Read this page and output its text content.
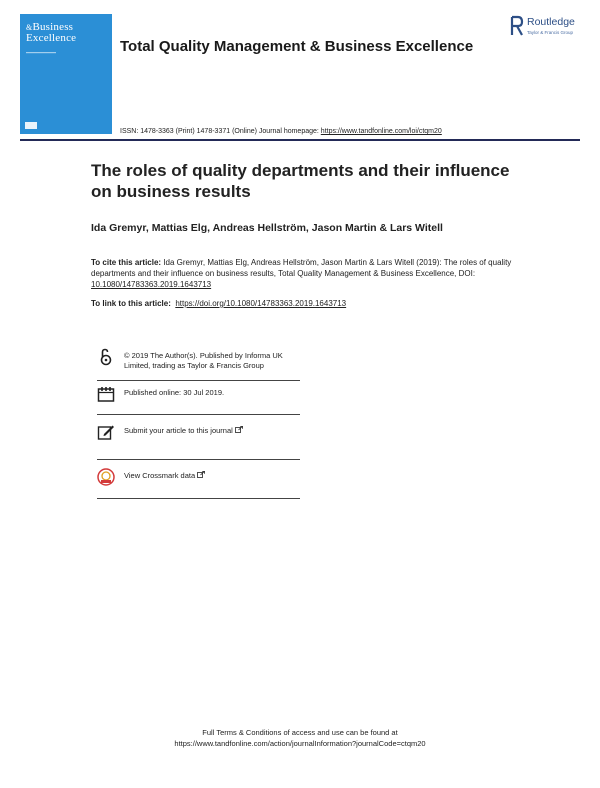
&Business
Excellence	Total Quality Management & Business Excellence
Routledge
Taylor & Francis Group
ISSN: 1478-3363 (Print) 1478-3371 (Online) Journal homepage: https://www.tandfonline.com/loi/ctqm20
The roles of quality departments and their influence on business results
Ida Gremyr, Mattias Elg, Andreas Hellström, Jason Martin & Lars Witell
To cite this article: Ida Gremyr, Mattias Elg, Andreas Hellström, Jason Martin & Lars Witell (2019): The roles of quality departments and their influence on business results, Total Quality Management & Business Excellence, DOI: 10.1080/14783363.2019.1643713
To link to this article: https://doi.org/10.1080/14783363.2019.1643713
© 2019 The Author(s). Published by Informa UK Limited, trading as Taylor & Francis Group
Published online: 30 Jul 2019.
Submit your article to this journal
View Crossmark data
Full Terms & Conditions of access and use can be found at
https://www.tandfonline.com/action/journalInformation?journalCode=ctqm20
